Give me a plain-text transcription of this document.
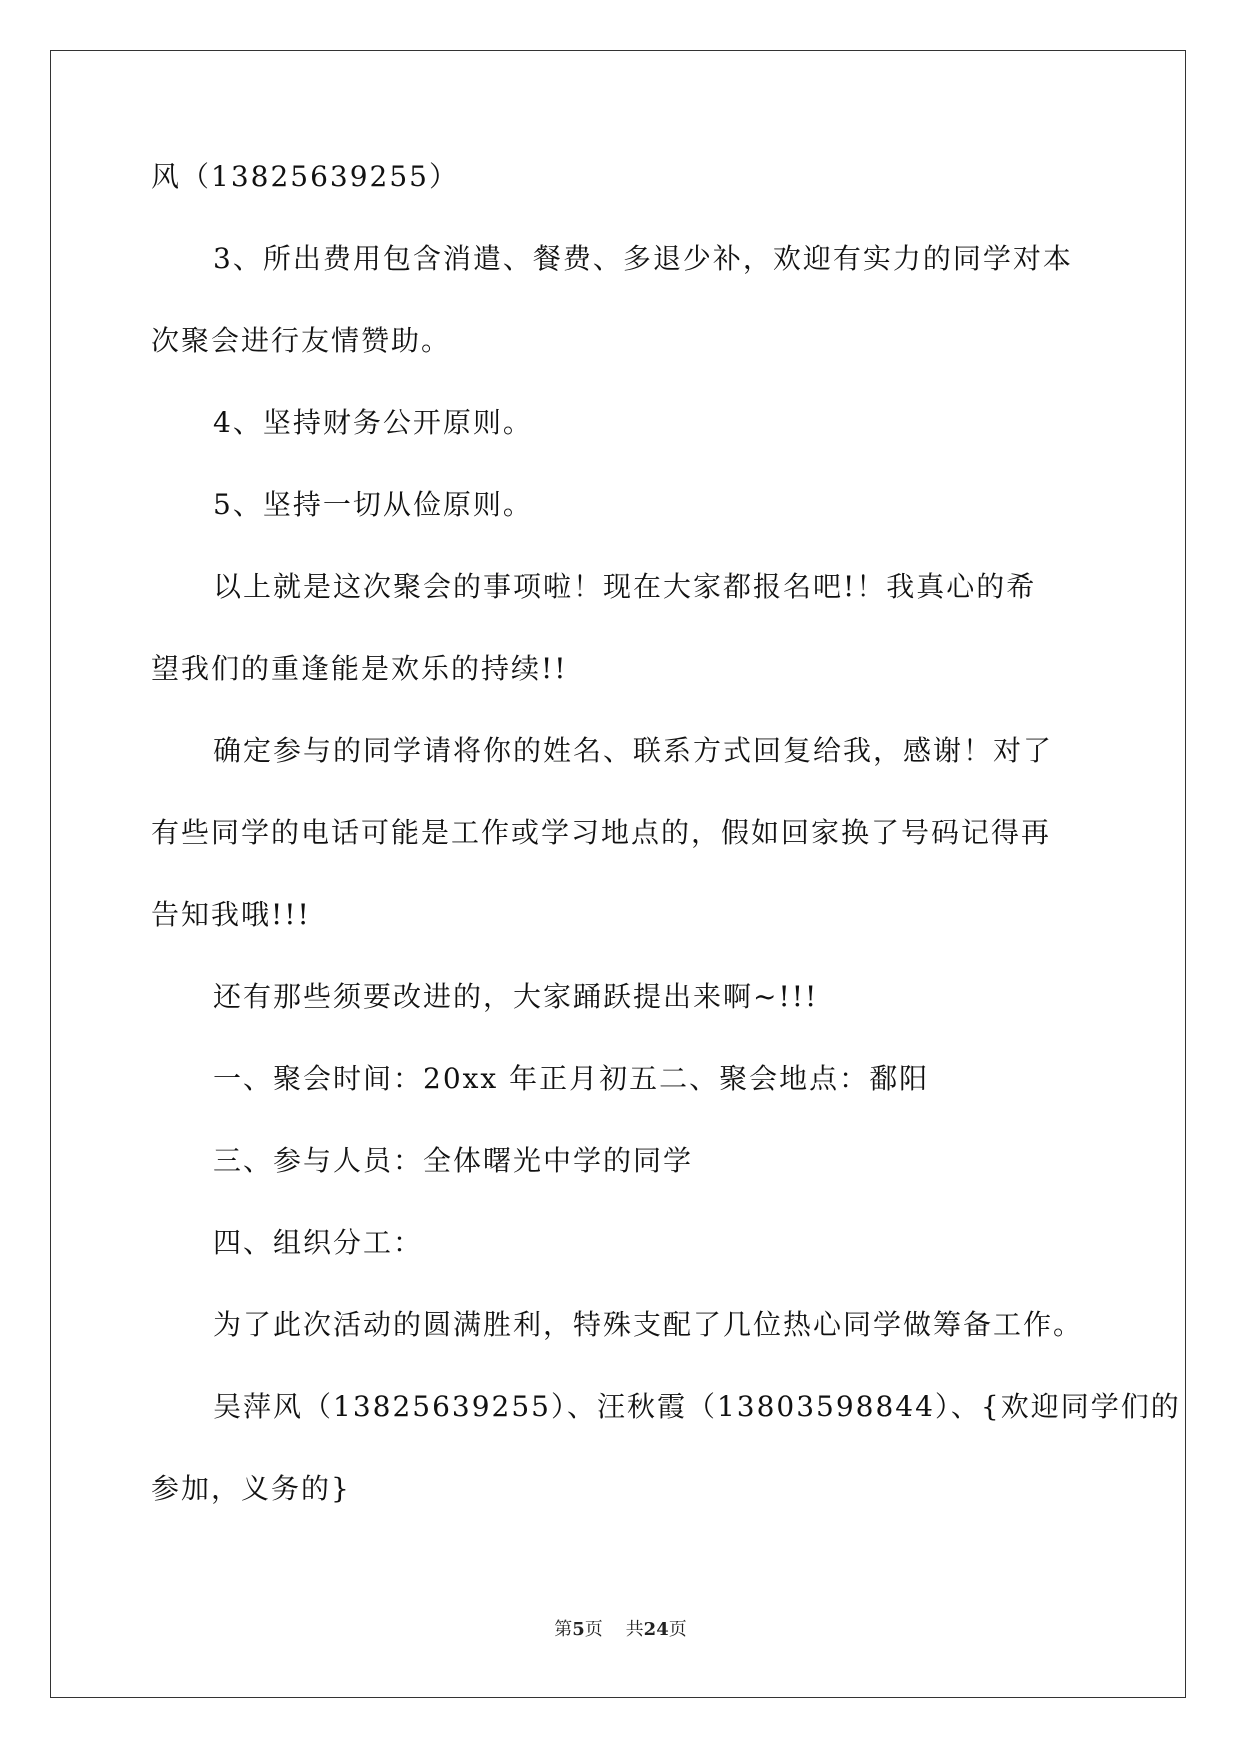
风（13825639255）

3、所出费用包含消遣、餐费、多退少补，欢迎有实力的同学对本

次聚会进行友情赞助。

4、坚持财务公开原则。

5、坚持一切从俭原则。

以上就是这次聚会的事项啦！现在大家都报名吧!！我真心的希

望我们的重逢能是欢乐的持续!!

确定参与的同学请将你的姓名、联系方式回复给我，感谢！对了

有些同学的电话可能是工作或学习地点的，假如回家换了号码记得再

告知我哦!!!

还有那些须要改进的，大家踊跃提出来啊~!!!

一、聚会时间：20xx 年正月初五二、聚会地点：鄱阳

三、参与人员：全体曙光中学的同学

四、组织分工：

为了此次活动的圆满胜利，特殊支配了几位热心同学做筹备工作。

吴萍风（13825639255）、汪秋霞（13803598844）、{欢迎同学们的

参加，义务的}

第5页 共24页
